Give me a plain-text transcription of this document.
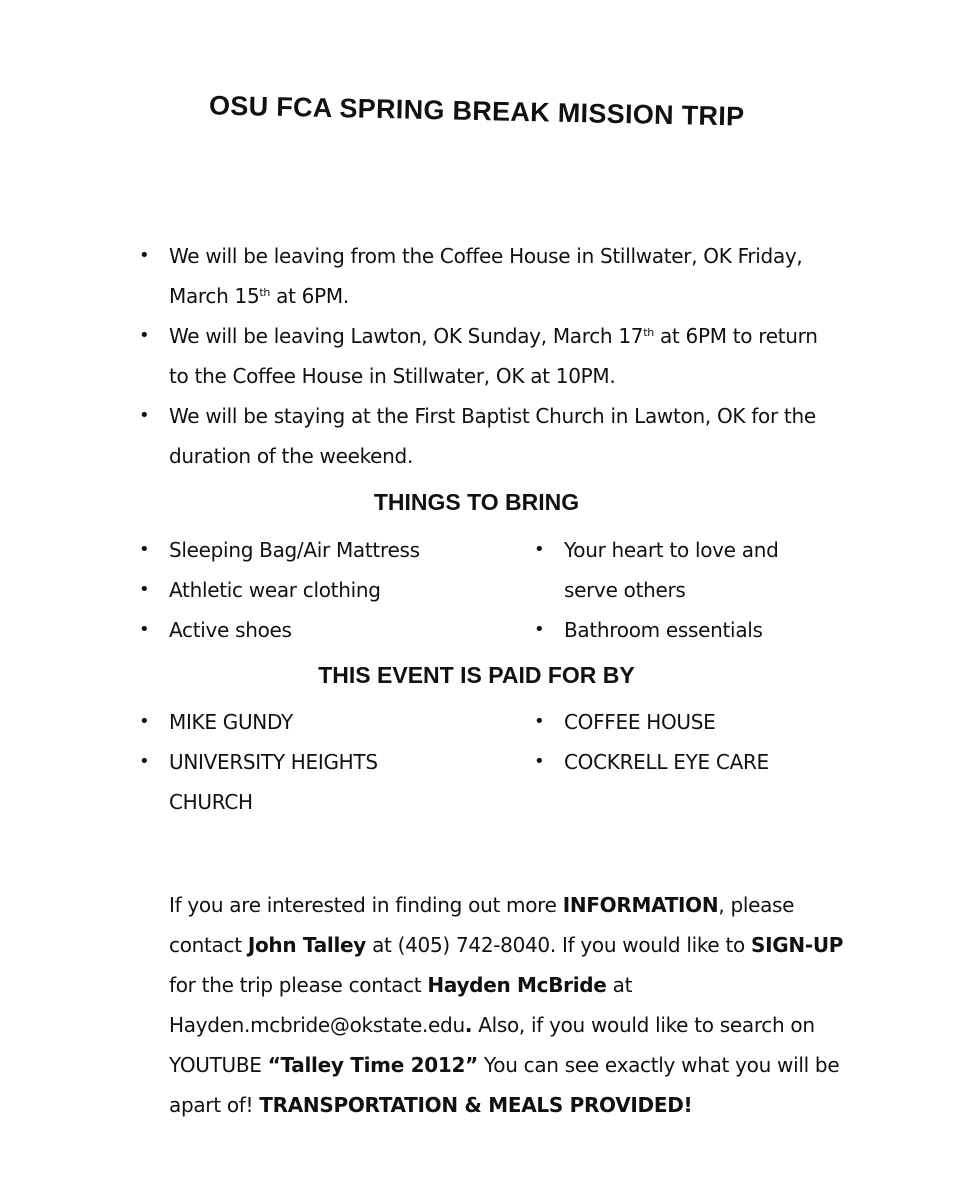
OSU FCA SPRING BREAK MISSION TRIP
• We will be leaving from the Coffee House in Stillwater, OK Friday, March 15th at 6PM.
• We will be leaving Lawton, OK Sunday, March 17th at 6PM to return to the Coffee House in Stillwater, OK at 10PM.
• We will be staying at the First Baptist Church in Lawton, OK for the duration of the weekend.
THINGS TO BRING
• Sleeping Bag/Air Mattress
• Athletic wear clothing
• Active shoes
• Your heart to love and serve others
• Bathroom essentials
THIS EVENT IS PAID FOR BY
• MIKE GUNDY
• UNIVERSITY HEIGHTS CHURCH
• COFFEE HOUSE
• COCKRELL EYE CARE

If you are interested in finding out more INFORMATION, please contact John Talley at (405) 742-8040. If you would like to SIGN-UP for the trip please contact Hayden McBride at Hayden.mcbride@okstate.edu. Also, if you would like to search on YOUTUBE “Talley Time 2012” You can see exactly what you will be apart of! TRANSPORTATION & MEALS PROVIDED!
